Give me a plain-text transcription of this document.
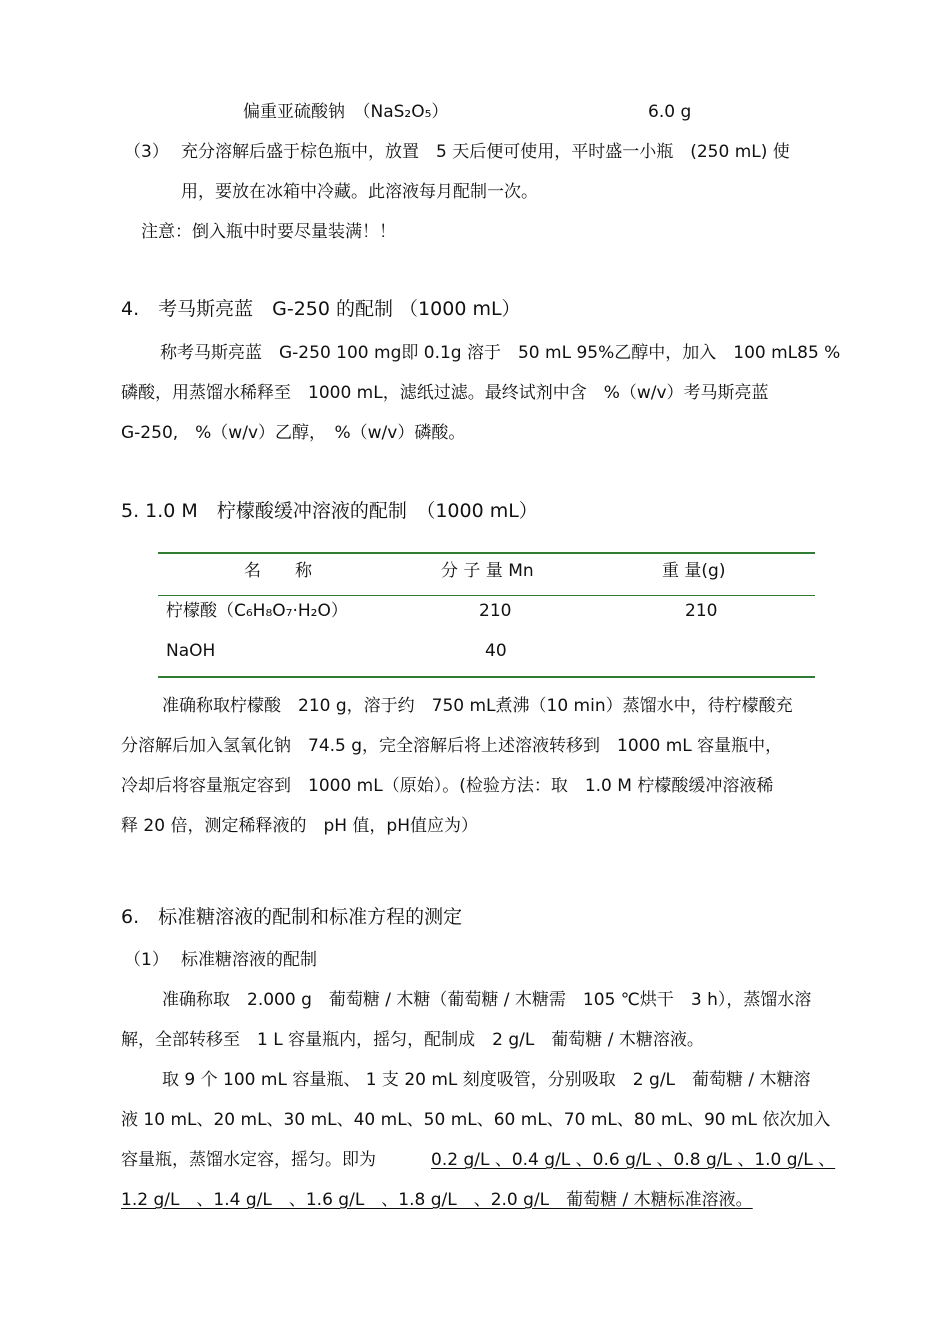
偏重亚硫酸钠　（NaS₂O₅）	6.0 g
（3） 充分溶解后盛于棕色瓶中，放置　5 天后便可使用，平时盛一小瓶　(250 mL) 使
用，要放在冰箱中冷藏。此溶液每月配制一次。
注意：倒入瓶中时要尽量装满！！
4.　考马斯亮蓝　G-250 的配制 （1000 mL）
称考马斯亮蓝　G-250 100 mg即 0.1g 溶于　50 mL 95%乙醇中，加入　100 mL85 %
磷酸，用蒸馏水稀释至　1000 mL，滤纸过滤。最终试剂中含　%（w/v）考马斯亮蓝
G-250,　%（w/v）乙醇，　%（w/v）磷酸。
5. 1.0 M　柠檬酸缓冲溶液的配制　（1000 mL）
名　　称	分 子 量 Mn	重 量(g)
柠檬酸（C₆H₈O₇·H₂O）	210	210
NaOH	40
准确称取柠檬酸　210 g，溶于约　750 mL煮沸（10 min）蒸馏水中，待柠檬酸充
分溶解后加入氢氧化钠　74.5 g，完全溶解后将上述溶液转移到　1000 mL 容量瓶中，
冷却后将容量瓶定容到　1000 mL（原始）。(检验方法：取　1.0 M 柠檬酸缓冲溶液稀
释 20 倍，测定稀释液的　pH 值，pH值应为）
6.　标准糖溶液的配制和标准方程的测定
（1） 标准糖溶液的配制
准确称取　2.000 g　葡萄糖 / 木糖（葡萄糖 / 木糖需　105 ℃烘干　3 h），蒸馏水溶
解，全部转移至　1 L 容量瓶内，摇匀，配制成　2 g/L　葡萄糖 / 木糖溶液。
取 9 个 100 mL 容量瓶、 1 支 20 mL 刻度吸管，分别吸取　2 g/L　葡萄糖 / 木糖溶
液 10 mL、20 mL、30 mL、40 mL、50 mL、60 mL、70 mL、80 mL、90 mL 依次加入
容量瓶，蒸馏水定容，摇匀。即为	0.2 g/L 、0.4 g/L 、0.6 g/L 、0.8 g/L 、1.0 g/L 、
1.2 g/L　、1.4 g/L　、1.6 g/L　、1.8 g/L　、2.0 g/L　葡萄糖 / 木糖标准溶液。
